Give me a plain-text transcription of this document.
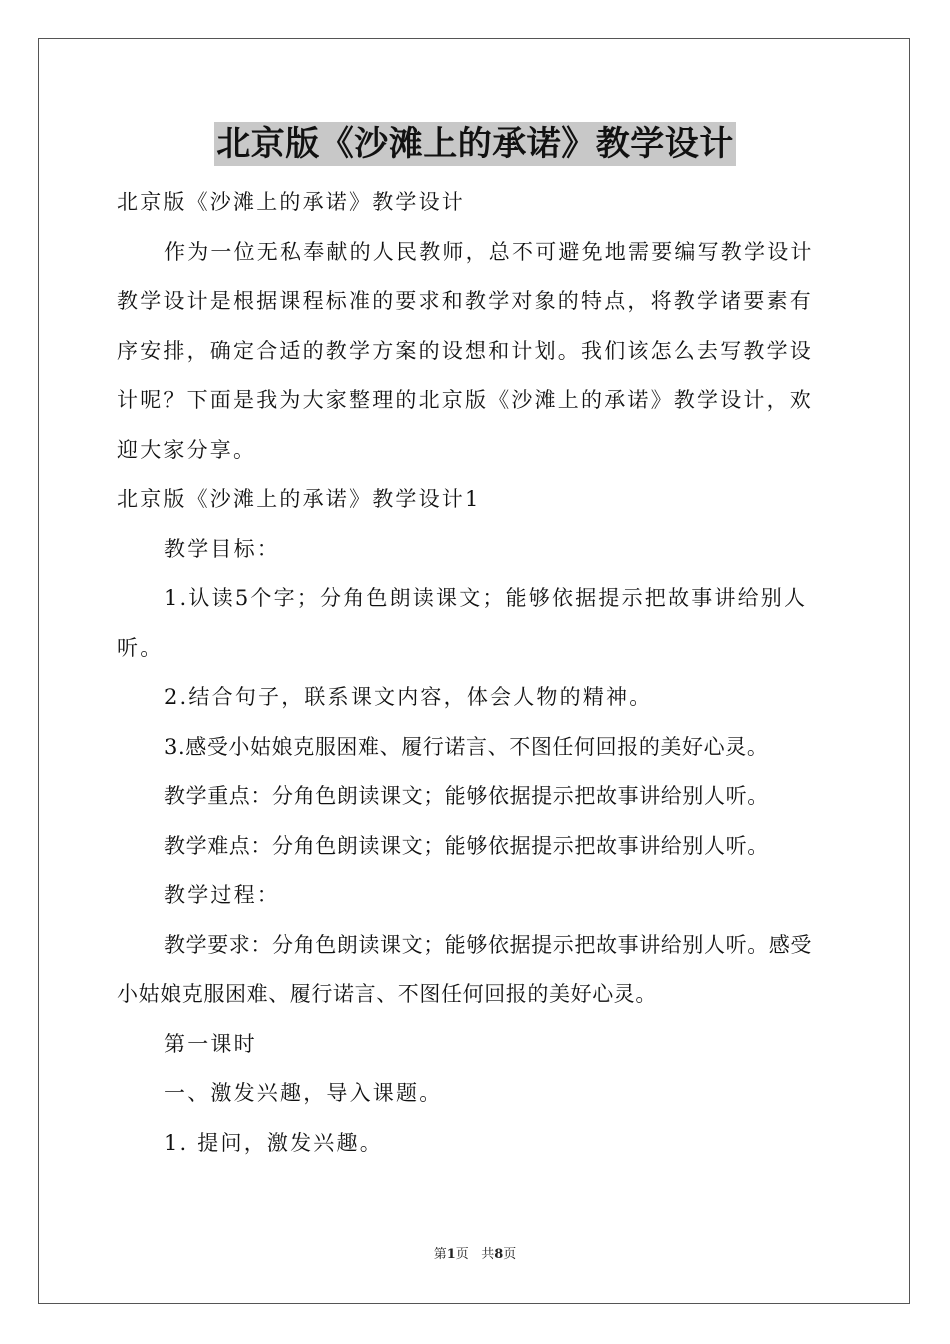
北京版《沙滩上的承诺》教学设计

北京版《沙滩上的承诺》教学设计

作为一位无私奉献的人民教师，总不可避免地需要编写教学设计教学设计是根据课程标准的要求和教学对象的特点，将教学诸要素有序安排，确定合适的教学方案的设想和计划。我们该怎么去写教学设计呢？下面是我为大家整理的北京版《沙滩上的承诺》教学设计，欢迎大家分享。

北京版《沙滩上的承诺》教学设计1

教学目标：

1.认读5个字；分角色朗读课文；能够依据提示把故事讲给别人听。

2.结合句子，联系课文内容，体会人物的精神。

3.感受小姑娘克服困难、履行诺言、不图任何回报的美好心灵。

教学重点：分角色朗读课文；能够依据提示把故事讲给别人听。

教学难点：分角色朗读课文；能够依据提示把故事讲给别人听。

教学过程：

教学要求：分角色朗读课文；能够依据提示把故事讲给别人听。感受小姑娘克服困难、履行诺言、不图任何回报的美好心灵。

第一课时

一、激发兴趣，导入课题。

1. 提问，激发兴趣。

第1页 共8页
